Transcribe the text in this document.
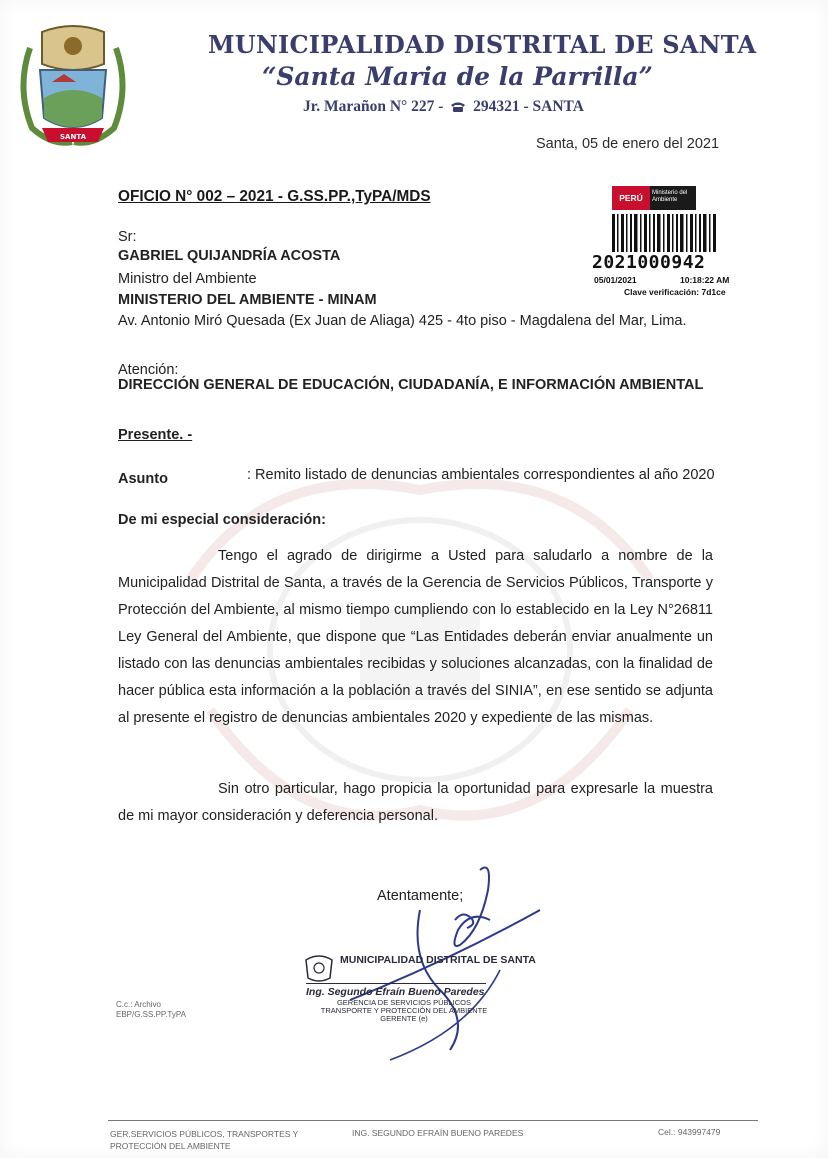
SANTA
MUNICIPALIDAD DISTRITAL DE SANTA
“Santa Maria de la Parrilla”
Jr. Marañon N° 227 - 294321 - SANTA
Santa, 05 de enero del 2021
PERÚ	Ministerio del Ambiente
2021000942
05/01/2021	10:18:22 AM
Clave verificación: 7d1ce
OFICIO N° 002 – 2021 - G.SS.PP.,TyPA/MDS
Sr:
GABRIEL QUIJANDRÍA ACOSTA
Ministro del Ambiente
MINISTERIO DEL AMBIENTE - MINAM
Av. Antonio Miró Quesada (Ex Juan de Aliaga) 425 - 4to piso - Magdalena del Mar, Lima.
Atención:
DIRECCIÓN GENERAL DE EDUCACIÓN, CIUDADANÍA, E INFORMACIÓN AMBIENTAL
Presente. -
Asunto	: Remito listado de denuncias ambientales correspondientes al año 2020
De mi especial consideración:
Tengo el agrado de dirigirme a Usted para saludarlo a nombre de la Municipalidad Distrital de Santa, a través de la Gerencia de Servicios Públicos, Transporte y Protección del Ambiente, al mismo tiempo cumpliendo con lo establecido en la Ley N°26811 Ley General del Ambiente, que dispone que “Las Entidades deberán enviar anualmente un listado con las denuncias ambientales recibidas y soluciones alcanzadas, con la finalidad de hacer pública esta información a la población a través del SINIA”, en ese sentido se adjunta al presente el registro de denuncias ambientales 2020 y expediente de las mismas.
Sin otro particular, hago propicia la oportunidad para expresarle la muestra de mi mayor consideración y deferencia personal.
Atentamente;
MUNICIPALIDAD DISTRITAL DE SANTA
Ing. Segundo Efraín Bueno Paredes
GERENCIA DE SERVICIOS PÚBLICOS
TRANSPORTE Y PROTECCIÓN DEL AMBIENTE
GERENTE (e)
C.c.: Archivo
EBP/G.SS.PP.TyPA
GER.SERVICIOS PÚBLICOS, TRANSPORTES Y
PROTECCIÓN DEL AMBIENTE
ING. SEGUNDO EFRAÍN BUENO PAREDES	Cel.: 943997479
